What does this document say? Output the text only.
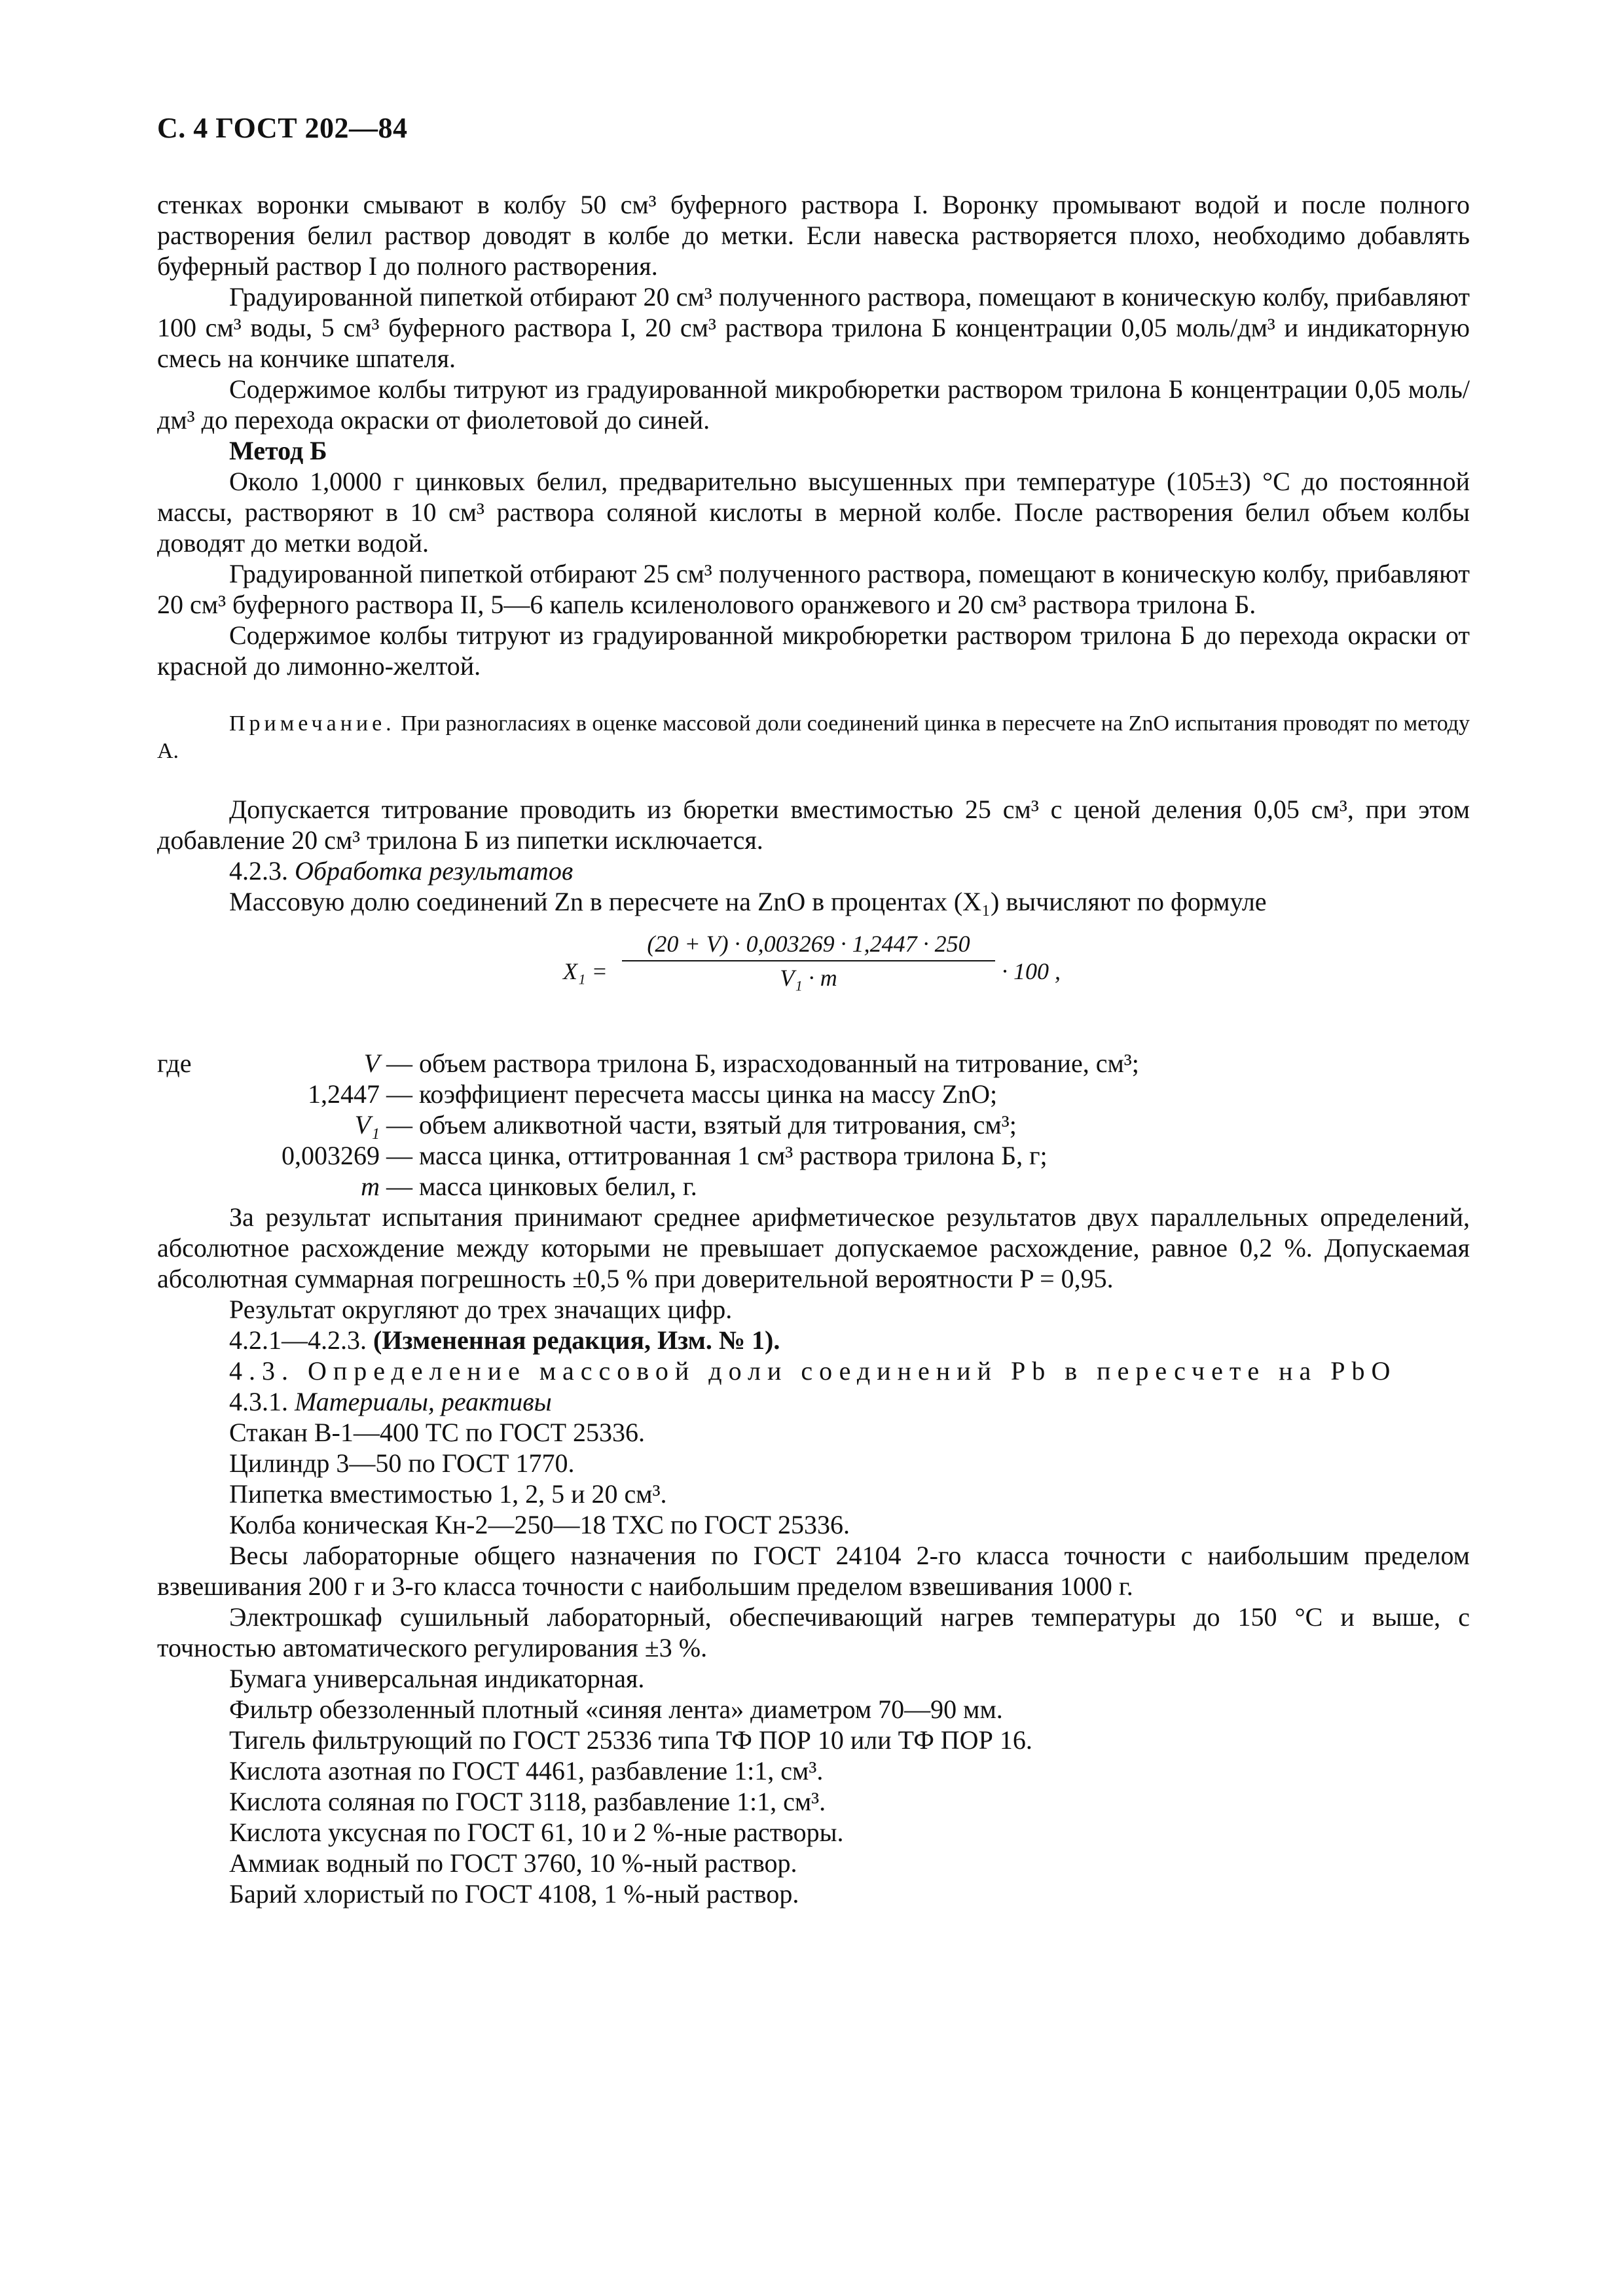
С. 4 ГОСТ 202—84

стенках воронки смывают в колбу 50 см³ буферного раствора I. Воронку промывают водой и после полного растворения белил раствор доводят в колбе до метки. Если навеска растворяется плохо, необходимо добавлять буферный раствор I до полного растворения.

Градуированной пипеткой отбирают 20 см³ полученного раствора, помещают в коническую колбу, прибавляют 100 см³ воды, 5 см³ буферного раствора I, 20 см³ раствора трилона Б концентрации 0,05 моль/дм³ и индикаторную смесь на кончике шпателя.

Содержимое колбы титруют из градуированной микробюретки раствором трилона Б концентрации 0,05 моль/дм³ до перехода окраски от фиолетовой до синей.

Метод Б

Около 1,0000 г цинковых белил, предварительно высушенных при температуре (105±3) °С до постоянной массы, растворяют в 10 см³ раствора соляной кислоты в мерной колбе. После растворения белил объем колбы доводят до метки водой.

Градуированной пипеткой отбирают 25 см³ полученного раствора, помещают в коническую колбу, прибавляют 20 см³ буферного раствора II, 5—6 капель ксиленолового оранжевого и 20 см³ раствора трилона Б.

Содержимое колбы титруют из градуированной микробюретки раствором трилона Б до перехода окраски от красной до лимонно-желтой.

Примечание. При разногласиях в оценке массовой доли соединений цинка в пересчете на ZnO испытания проводят по методу А.

Допускается титрование проводить из бюретки вместимостью 25 см³ с ценой деления 0,05 см³, при этом добавление 20 см³ трилона Б из пипетки исключается.

4.2.3. Обработка результатов

Массовую долю соединений Zn в пересчете на ZnO в процентах (X₁) вычисляют по формуле

$X_1 = \frac{(20 + V) \cdot 0,003269 \cdot 1,2447 \cdot 250}{\text{V₁ · m}} \cdot 100$ ,
где	V — объем раствора трилона Б, израсходованный на титрование, см³;
1,2447 — коэффициент пересчета массы цинка на массу ZnO;
V₁ — объем аликвотной части, взятый для титрования, см³;
0,003269 — масса цинка, оттитрованная 1 см³ раствора трилона Б, г;
m — масса цинковых белил, г.

За результат испытания принимают среднее арифметическое результатов двух параллельных определений, абсолютное расхождение между которыми не превышает допускаемое расхождение, равное 0,2 %. Допускаемая абсолютная суммарная погрешность ±0,5 % при доверительной вероятности P = 0,95.

Результат округляют до трех значащих цифр.

4.2.1—4.2.3. (Измененная редакция, Изм. № 1).

4.3. Определение массовой доли соединений Pb в пересчете на PbO

4.3.1. Материалы, реактивы

Стакан В-1—400 ТС по ГОСТ 25336.

Цилиндр 3—50 по ГОСТ 1770.

Пипетка вместимостью 1, 2, 5 и 20 см³.

Колба коническая Кн-2—250—18 ТХС по ГОСТ 25336.

Весы лабораторные общего назначения по ГОСТ 24104 2-го класса точности с наибольшим пределом взвешивания 200 г и 3-го класса точности с наибольшим пределом взвешивания 1000 г.

Электрошкаф сушильный лабораторный, обеспечивающий нагрев температуры до 150 °С и выше, с точностью автоматического регулирования ±3 %.

Бумага универсальная индикаторная.

Фильтр обеззоленный плотный «синяя лента» диаметром 70—90 мм.

Тигель фильтрующий по ГОСТ 25336 типа ТФ ПОР 10 или ТФ ПОР 16.

Кислота азотная по ГОСТ 4461, разбавление 1:1, см³.

Кислота соляная по ГОСТ 3118, разбавление 1:1, см³.

Кислота уксусная по ГОСТ 61, 10 и 2 %-ные растворы.

Аммиак водный по ГОСТ 3760, 10 %-ный раствор.

Барий хлористый по ГОСТ 4108, 1 %-ный раствор.
